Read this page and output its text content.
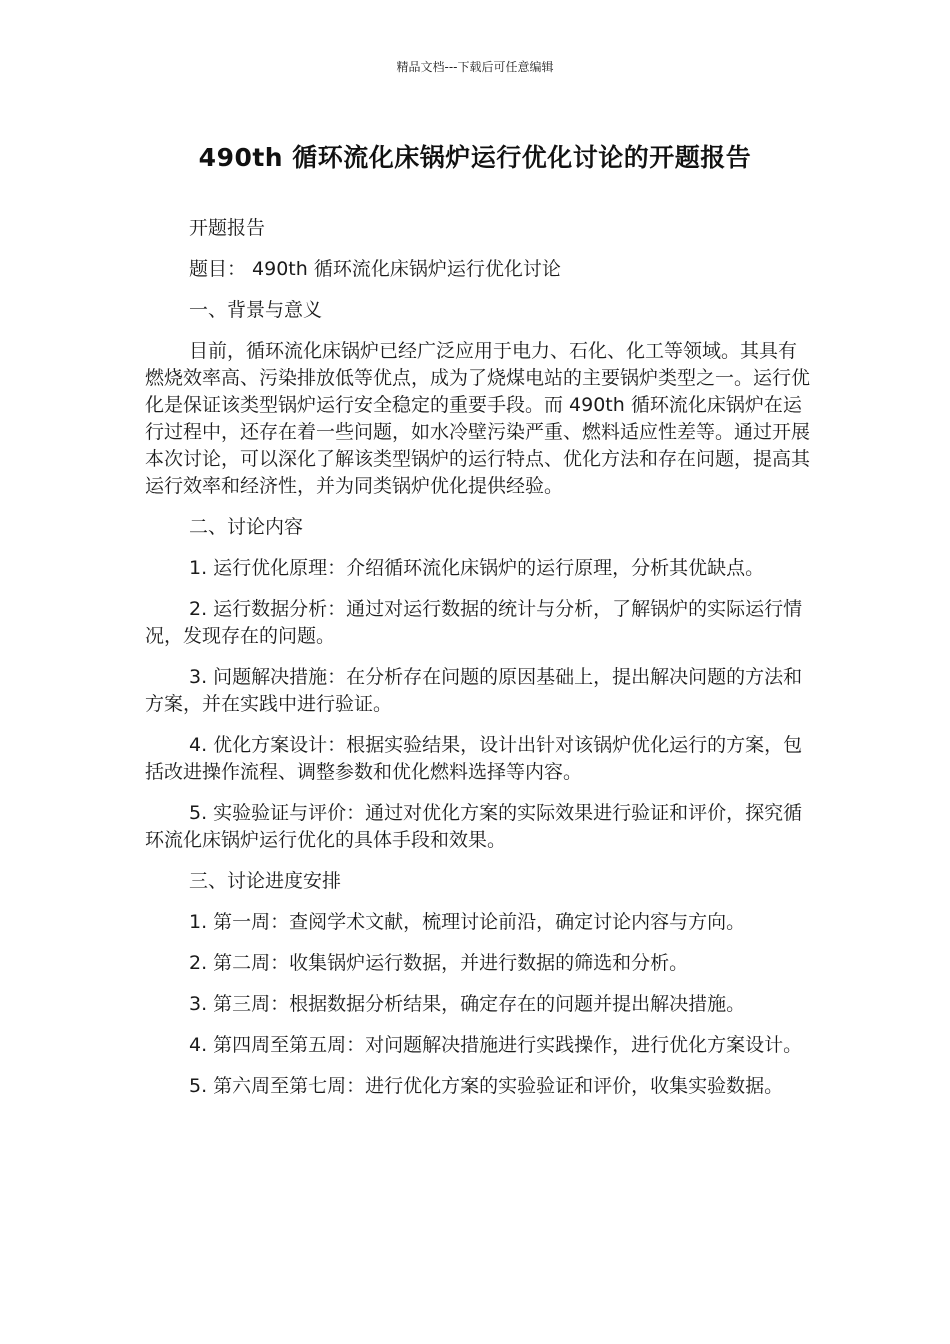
精品文档---下载后可任意编辑
490th 循环流化床锅炉运行优化讨论的开题报告

开题报告

题目： 490th 循环流化床锅炉运行优化讨论

一、背景与意义

目前，循环流化床锅炉已经广泛应用于电力、石化、化工等领域。其具有燃烧效率高、污染排放低等优点，成为了烧煤电站的主要锅炉类型之一。运行优化是保证该类型锅炉运行安全稳定的重要手段。而 490th 循环流化床锅炉在运行过程中，还存在着一些问题，如水冷壁污染严重、燃料适应性差等。通过开展本次讨论，可以深化了解该类型锅炉的运行特点、优化方法和存在问题，提高其运行效率和经济性，并为同类锅炉优化提供经验。

二、讨论内容

1. 运行优化原理：介绍循环流化床锅炉的运行原理，分析其优缺点。

2. 运行数据分析：通过对运行数据的统计与分析，了解锅炉的实际运行情况，发现存在的问题。

3. 问题解决措施：在分析存在问题的原因基础上，提出解决问题的方法和方案，并在实践中进行验证。

4. 优化方案设计：根据实验结果，设计出针对该锅炉优化运行的方案，包括改进操作流程、调整参数和优化燃料选择等内容。

5. 实验验证与评价：通过对优化方案的实际效果进行验证和评价，探究循环流化床锅炉运行优化的具体手段和效果。

三、讨论进度安排

1. 第一周：查阅学术文献，梳理讨论前沿，确定讨论内容与方向。

2. 第二周：收集锅炉运行数据，并进行数据的筛选和分析。

3. 第三周：根据数据分析结果，确定存在的问题并提出解决措施。

4. 第四周至第五周：对问题解决措施进行实践操作，进行优化方案设计。

5. 第六周至第七周：进行优化方案的实验验证和评价，收集实验数据。
